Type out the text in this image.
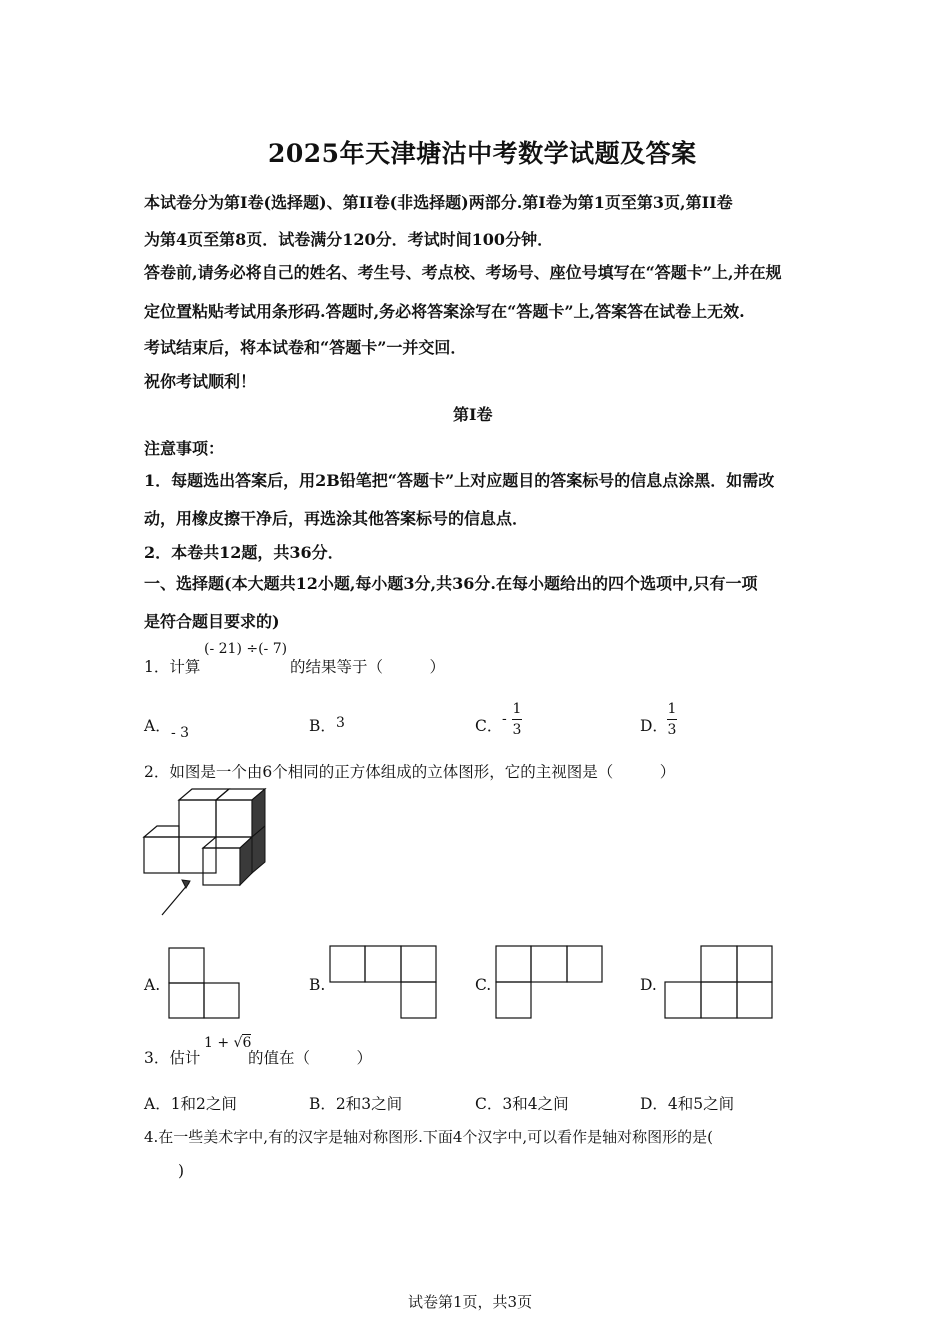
2025年天津塘沽中考数学试题及答案
本试卷分为第Ⅰ卷(选择题)、第II卷(非选择题)两部分.第Ⅰ卷为第1页至第3页,第II卷
为第4页至第8页．试卷满分120分．考试时间100分钟．
答卷前,请务必将自己的姓名、考生号、考点校、考场号、座位号填写在“答题卡”上,并在规
定位置粘贴考试用条形码.答题时,务必将答案涂写在“答题卡”上,答案答在试卷上无效.
考试结束后，将本试卷和“答题卡”一并交回．
祝你考试顺利！
第Ⅰ卷
注意事项：
1．每题选出答案后，用2B铅笔把“答题卡”上对应题目的答案标号的信息点涂黑．如需改
动，用橡皮擦干净后，再选涂其他答案标号的信息点．
2．本卷共12题，共36分．
一、选择题(本大题共12小题,每小题3分,共36分.在每小题给出的四个选项中,只有一项
是符合题目要求的)
1．计算
(- 21) ÷(- 7)
的结果等于（　　　）
A． - 3	B． 3	C． - $\frac{1}{3}$	D． $\frac{1}{3}$
2．如图是一个由6个相同的正方体组成的立体图形，它的主视图是（　　　）
A.	B.	C.	D.
3．估计
1 + √6
的值在（　　　）
A．1和2之间	B．2和3之间	C．3和4之间	D．4和5之间
4.在一些美术字中,有的汉字是轴对称图形.下面4个汉字中,可以看作是轴对称图形的是(
)
试卷第1页，共3页
